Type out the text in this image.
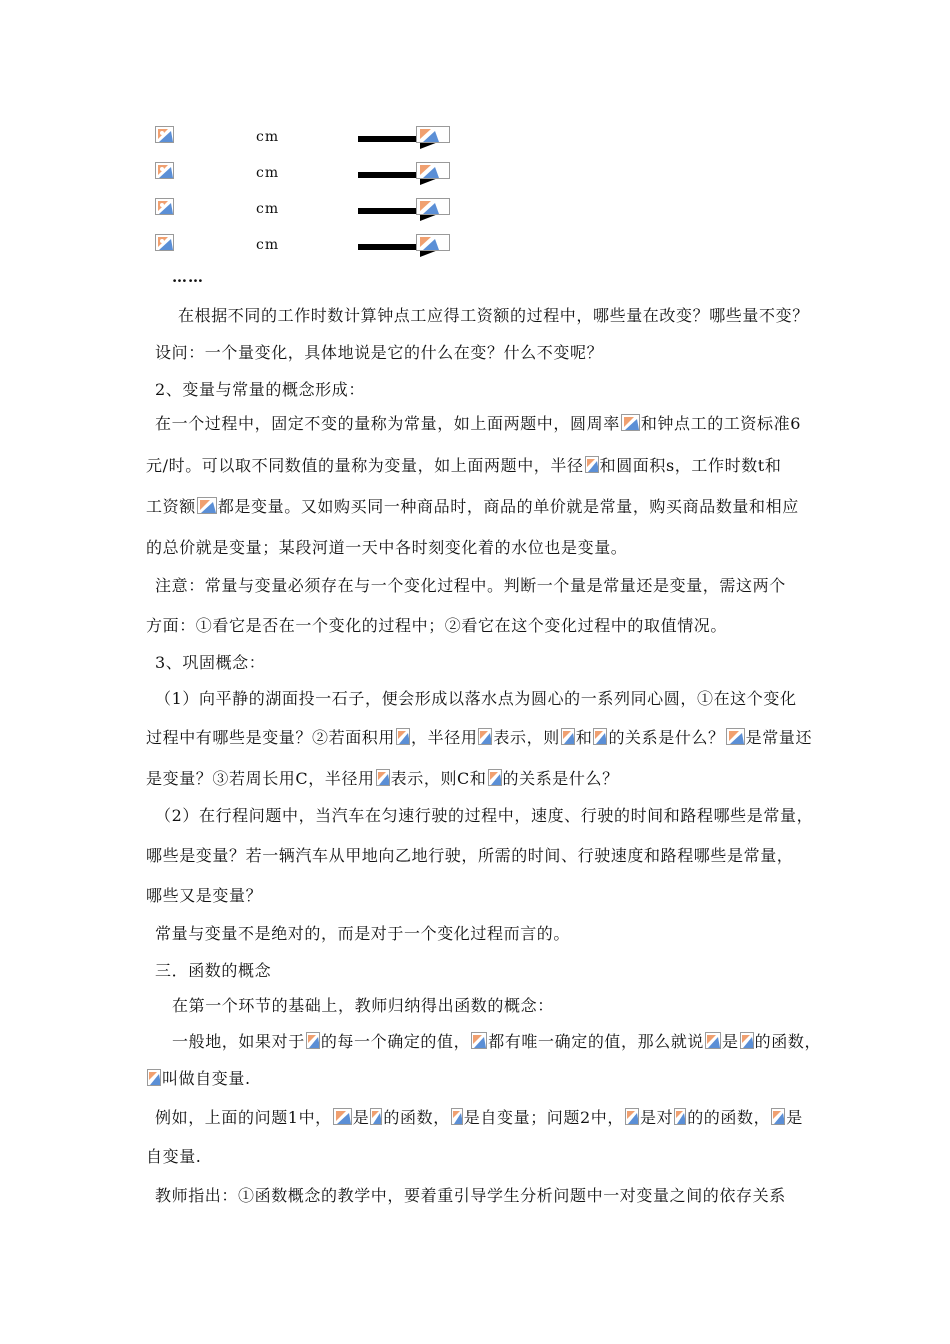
cm
cm
cm
cm
……
在根据不同的工作时数计算钟点工应得工资额的过程中，哪些量在改变？哪些量不变？
设问：一个量变化，具体地说是它的什么在变？什么不变呢？
2、变量与常量的概念形成：
在一个过程中，固定不变的量称为常量，如上面两题中，圆周率 和钟点工的工资标准6
元/时。可以取不同数值的量称为变量，如上面两题中，半径 和圆面积s，工作时数t和
工资额 都是变量。又如购买同一种商品时，商品的单价就是常量，购买商品数量和相应
的总价就是变量；某段河道一天中各时刻变化着的水位也是变量。
注意：常量与变量必须存在与一个变化过程中。判断一个量是常量还是变量，需这两个
方面：①看它是否在一个变化的过程中；②看它在这个变化过程中的取值情况。
3、巩固概念：
（1）向平静的湖面投一石子，便会形成以落水点为圆心的一系列同心圆，①在这个变化
过程中有哪些是变量？②若面积用 ，半径用 表示，则 和 的关系是什么？ 是常量还
是变量？③若周长用C，半径用 表示，则C和 的关系是什么？
（2）在行程问题中，当汽车在匀速行驶的过程中，速度、行驶的时间和路程哪些是常量，
哪些是变量？若一辆汽车从甲地向乙地行驶，所需的时间、行驶速度和路程哪些是常量，
哪些又是变量？
常量与变量不是绝对的，而是对于一个变化过程而言的。
三．函数的概念
在第一个环节的基础上，教师归纳得出函数的概念：
一般地，如果对于 的每一个确定的值， 都有唯一确定的值，那么就说 是 的函数，
叫做自变量.
例如，上面的问题1中， 是 的函数， 是自变量；问题2中， 是对 的的函数， 是
自变量.
教师指出：①函数概念的教学中，要着重引导学生分析问题中一对变量之间的依存关系
